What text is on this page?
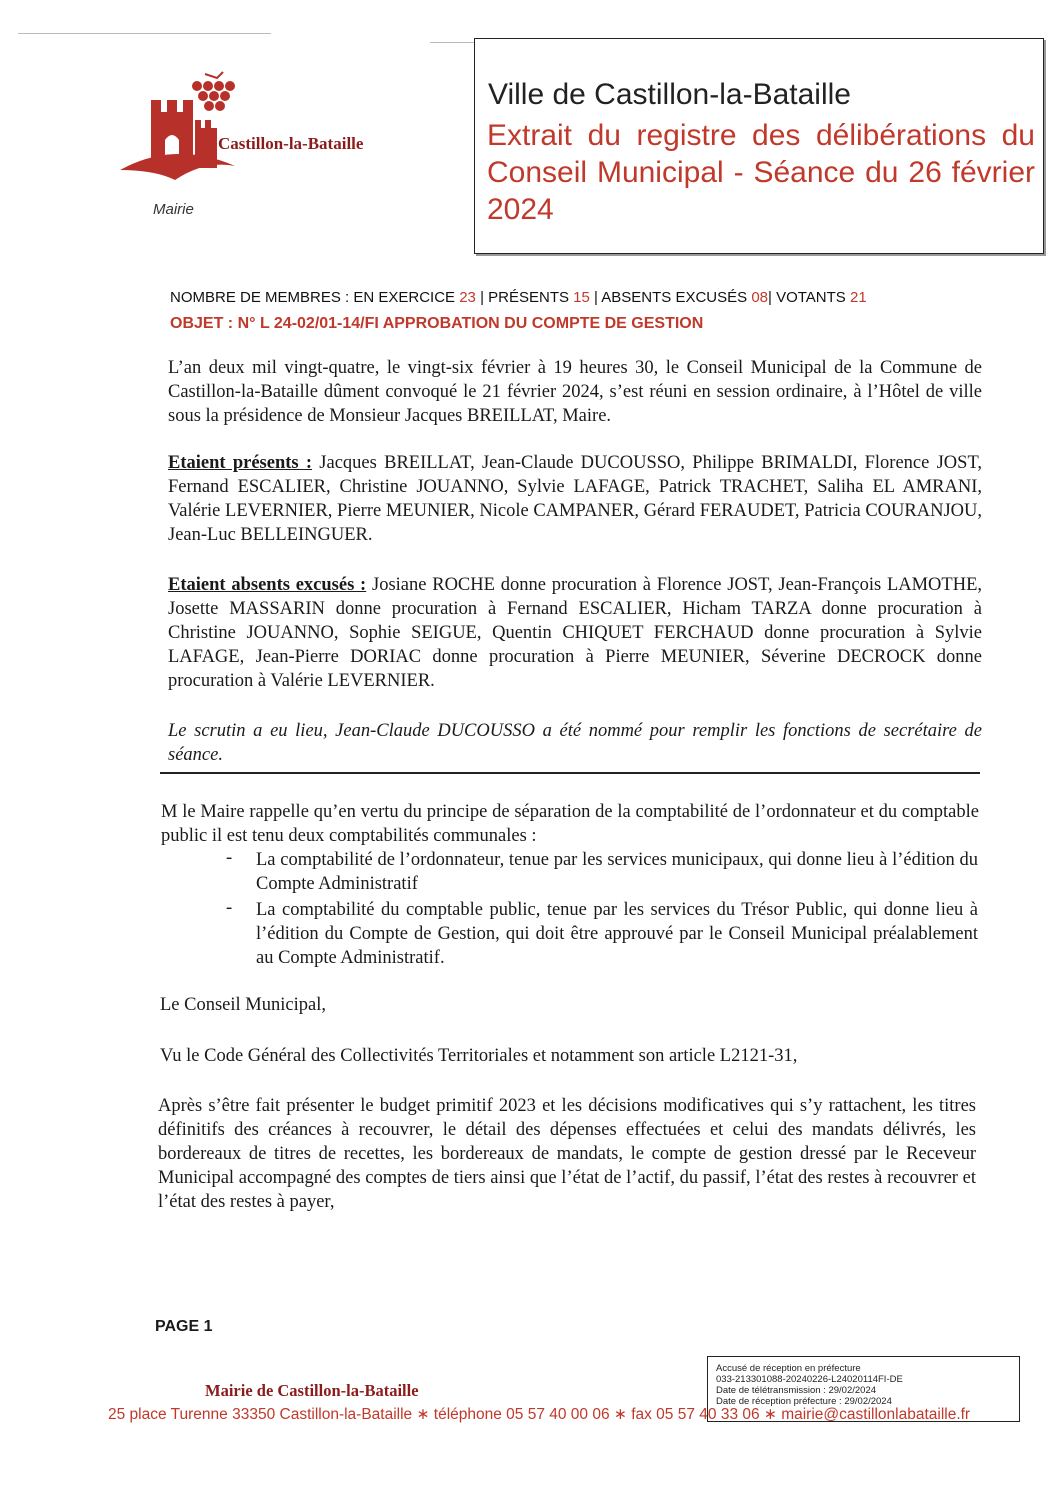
Castillon-la-Bataille
Mairie
Ville de Castillon-la-Bataille
Extrait du registre des délibérations du Conseil Municipal - Séance du 26 février 2024
NOMBRE DE MEMBRES : EN EXERCICE 23 | PRÉSENTS 15 | ABSENTS EXCUSÉS 08| VOTANTS 21
OBJET : N° L 24-02/01-14/FI APPROBATION DU COMPTE DE GESTION
L’an deux mil vingt-quatre, le vingt-six février à 19 heures 30, le Conseil Municipal de la Commune de Castillon-la-Bataille dûment convoqué le 21 février 2024, s’est réuni en session ordinaire, à l’Hôtel de ville sous la présidence de Monsieur Jacques BREILLAT, Maire.
Etaient présents : Jacques BREILLAT, Jean-Claude DUCOUSSO, Philippe BRIMALDI, Florence JOST, Fernand ESCALIER, Christine JOUANNO, Sylvie LAFAGE, Patrick TRACHET, Saliha EL AMRANI, Valérie LEVERNIER, Pierre MEUNIER, Nicole CAMPANER, Gérard FERAUDET, Patricia COURANJOU, Jean-Luc BELLEINGUER.
Etaient absents excusés : Josiane ROCHE donne procuration à Florence JOST, Jean-François LAMOTHE, Josette MASSARIN donne procuration à Fernand ESCALIER, Hicham TARZA donne procuration à Christine JOUANNO, Sophie SEIGUE, Quentin CHIQUET FERCHAUD donne procuration à Sylvie LAFAGE, Jean-Pierre DORIAC donne procuration à Pierre MEUNIER, Séverine DECROCK donne procuration à Valérie LEVERNIER.
Le scrutin a eu lieu, Jean-Claude DUCOUSSO a été nommé pour remplir les fonctions de secrétaire de séance.
M le Maire rappelle qu’en vertu du principe de séparation de la comptabilité de l’ordonnateur et du comptable public il est tenu deux comptabilités communales :
- La comptabilité de l’ordonnateur, tenue par les services municipaux, qui donne lieu à l’édition du Compte Administratif
- La comptabilité du comptable public, tenue par les services du Trésor Public, qui donne lieu à l’édition du Compte de Gestion, qui doit être approuvé par le Conseil Municipal préalablement au Compte Administratif.
Le Conseil Municipal,
Vu le Code Général des Collectivités Territoriales et notamment son article L2121-31,
Après s’être fait présenter le budget primitif 2023 et les décisions modificatives qui s’y rattachent, les titres définitifs des créances à recouvrer, le détail des dépenses effectuées et celui des mandats délivrés, les bordereaux de titres de recettes, les bordereaux de mandats, le compte de gestion dressé par le Receveur Municipal accompagné des comptes de tiers ainsi que l’état de l’actif, du passif, l’état des restes à recouvrer et l’état des restes à payer,
PAGE 1
Mairie de Castillon-la-Bataille
25 place Turenne 33350 Castillon-la-Bataille ∗ téléphone 05 57 40 00 06 ∗ fax 05 57 40 33 06 ∗ mairie@castillonlabataille.fr
Accusé de réception en préfecture
033-213301088-20240226-L24020114FI-DE
Date de télétransmission : 29/02/2024
Date de réception préfecture : 29/02/2024
